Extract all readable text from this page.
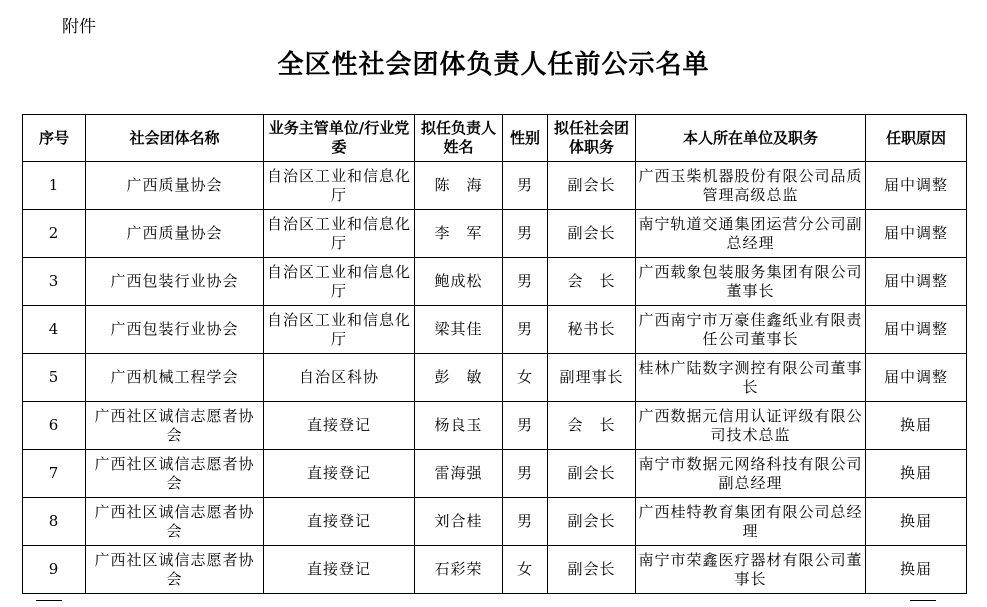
附件
全区性社会团体负责人任前公示名单
序号	社会团体名称	业务主管单位/行业党委	拟任负责人姓名	性别	拟任社会团体职务	本人所在单位及职务	任职原因
1	广西质量协会	自治区工业和信息化厅	陈　海	男	副会长	广西玉柴机器股份有限公司品质管理高级总监	届中调整
2	广西质量协会	自治区工业和信息化厅	李　军	男	副会长	南宁轨道交通集团运营分公司副总经理	届中调整
3	广西包装行业协会	自治区工业和信息化厅	鲍成松	男	会　长	广西载象包装服务集团有限公司董事长	届中调整
4	广西包装行业协会	自治区工业和信息化厅	梁其佳	男	秘书长	广西南宁市万豪佳鑫纸业有限责任公司董事长	届中调整
5	广西机械工程学会	自治区科协	彭　敏	女	副理事长	桂林广陆数字测控有限公司董事长	届中调整
6	广西社区诚信志愿者协会	直接登记	杨良玉	男	会　长	广西数据元信用认证评级有限公司技术总监	换届
7	广西社区诚信志愿者协会	直接登记	雷海强	男	副会长	南宁市数据元网络科技有限公司副总经理	换届
8	广西社区诚信志愿者协会	直接登记	刘合桂	男	副会长	广西桂特教育集团有限公司总经理	换届
9	广西社区诚信志愿者协会	直接登记	石彩荣	女	副会长	南宁市荣鑫医疗器材有限公司董事长	换届
